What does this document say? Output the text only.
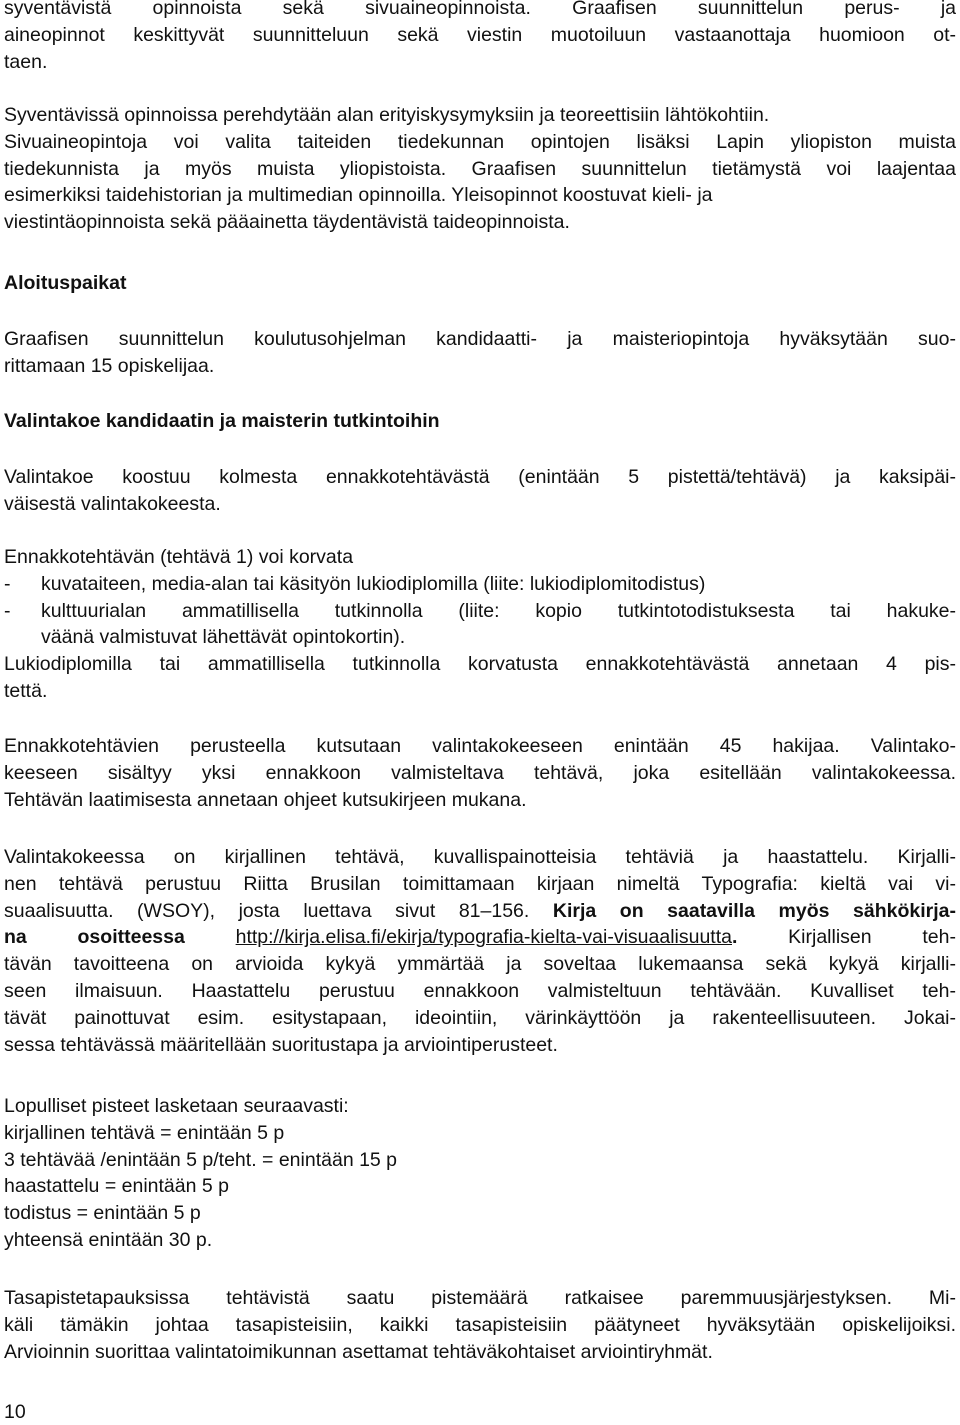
syventävistä opinnoista sekä sivuaineopinnoista. Graafisen suunnittelun perus- ja
aineopinnot keskittyvät suunnitteluun sekä viestin muotoiluun vastaanottaja huomioon ot-
taen.

Syventävissä opinnoissa perehdytään alan erityiskysymyksiin ja teoreettisiin lähtökohtiin.
Sivuaineopintoja voi valita taiteiden tiedekunnan opintojen lisäksi Lapin yliopiston muista
tiedekunnista ja myös muista yliopistoista. Graafisen suunnittelun tietämystä voi laajentaa
esimerkiksi taidehistorian ja multimedian opinnoilla. Yleisopinnot koostuvat kieli- ja
viestintäopinnoista sekä pääainetta täydentävistä taideopinnoista.

Aloituspaikat

Graafisen suunnittelun koulutusohjelman kandidaatti- ja maisteriopintoja hyväksytään suo-
rittamaan 15 opiskelijaa.

Valintakoe kandidaatin ja maisterin tutkintoihin

Valintakoe koostuu kolmesta ennakkotehtävästä (enintään 5 pistettä/tehtävä) ja kaksipäi-
väisestä valintakokeesta.

Ennakkotehtävän (tehtävä 1) voi korvata
- kuvataiteen, media-alan tai käsityön lukiodiplomilla (liite: lukiodiplomitodistus)
- kulttuurialan ammatillisella tutkinnolla (liite: kopio tutkintotodistuksesta tai hakuke-
väänä valmistuvat lähettävät opintokortin).
Lukiodiplomilla tai ammatillisella tutkinnolla korvatusta ennakkotehtävästä annetaan 4 pis-
tettä.

Ennakkotehtävien perusteella kutsutaan valintakokeeseen enintään 45 hakijaa. Valintako-
keeseen sisältyy yksi ennakkoon valmisteltava tehtävä, joka esitellään valintakokeessa.
Tehtävän laatimisesta annetaan ohjeet kutsukirjeen mukana.

Valintakokeessa on kirjallinen tehtävä, kuvallispainotteisia tehtäviä ja haastattelu. Kirjalli-
nen tehtävä perustuu Riitta Brusilan toimittamaan kirjaan nimeltä Typografia: kieltä vai vi-
suaalisuutta. (WSOY), josta luettava sivut 81–156. Kirja on saatavilla myös sähkökirja-
na osoitteessa	http://kirja.elisa.fi/ekirja/typografia-kielta-vai-visuaalisuutta. Kirjallisen teh-
tävän tavoitteena on arvioida kykyä ymmärtää ja soveltaa lukemaansa sekä kykyä kirjalli-
seen ilmaisuun. Haastattelu perustuu ennakkoon valmisteltuun tehtävään. Kuvalliset teh-
tävät painottuvat esim. esitystapaan, ideointiin, värinkäyttöön ja rakenteellisuuteen. Jokai-
sessa tehtävässä määritellään suoritustapa ja arviointiperusteet.

Lopulliset pisteet lasketaan seuraavasti:
kirjallinen tehtävä = enintään 5 p
3 tehtävää /enintään 5 p/teht. = enintään 15 p
haastattelu = enintään 5 p
todistus = enintään 5 p
yhteensä enintään 30 p.

Tasapistetapauksissa tehtävistä saatu pistemäärä ratkaisee paremmuusjärjestyksen. Mi-
käli tämäkin johtaa tasapisteisiin, kaikki tasapisteisiin päätyneet hyväksytään opiskelijoiksi.
Arvioinnin suorittaa valintatoimikunnan asettamat tehtäväkohtaiset arviointiryhmät.

10
